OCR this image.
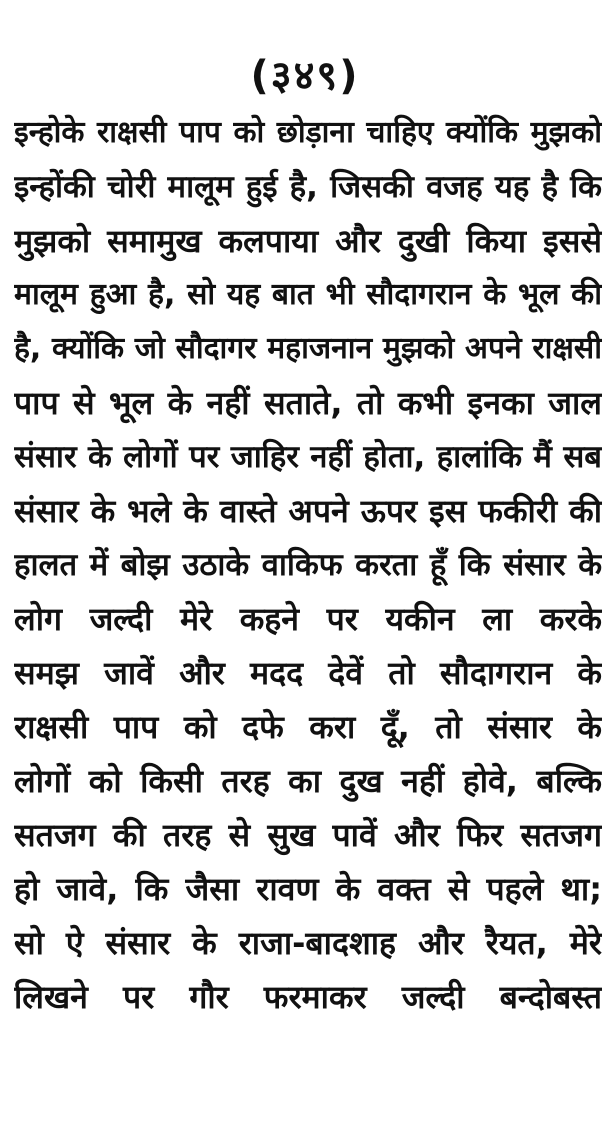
(३४९)
इन्होके राक्षसी पाप को छोड़ाना चाहिए क्योंकि मुझको
इन्होंकी चोरी मालूम हुई है, जिसकी वजह यह है कि
मुझको समामुख कलपाया और दुखी किया इससे
मालूम हुआ है, सो यह बात भी सौदागरान के भूल की
है, क्योंकि जो सौदागर महाजनान मुझको अपने राक्षसी
पाप से भूल के नहीं सताते, तो कभी इनका जाल
संसार के लोगों पर जाहिर नहीं होता, हालांकि मैं सब
संसार के भले के वास्ते अपने ऊपर इस फकीरी की
हालत में बोझ उठाके वाकिफ करता हूँ कि संसार के
लोग जल्दी मेरे कहने पर यकीन ला करके
समझ जावें और मदद देवें तो सौदागरान के
राक्षसी पाप को दफे करा दूँ, तो संसार के
लोगों को किसी तरह का दुख नहीं होवे, बल्कि
सतजग की तरह से सुख पावें और फिर सतजग
हो जावे, कि जैसा रावण के वक्त से पहले था;
सो ऐ संसार के राजा-बादशाह और रैयत, मेरे
लिखने पर गौर फरमाकर जल्दी बन्दोबस्त
